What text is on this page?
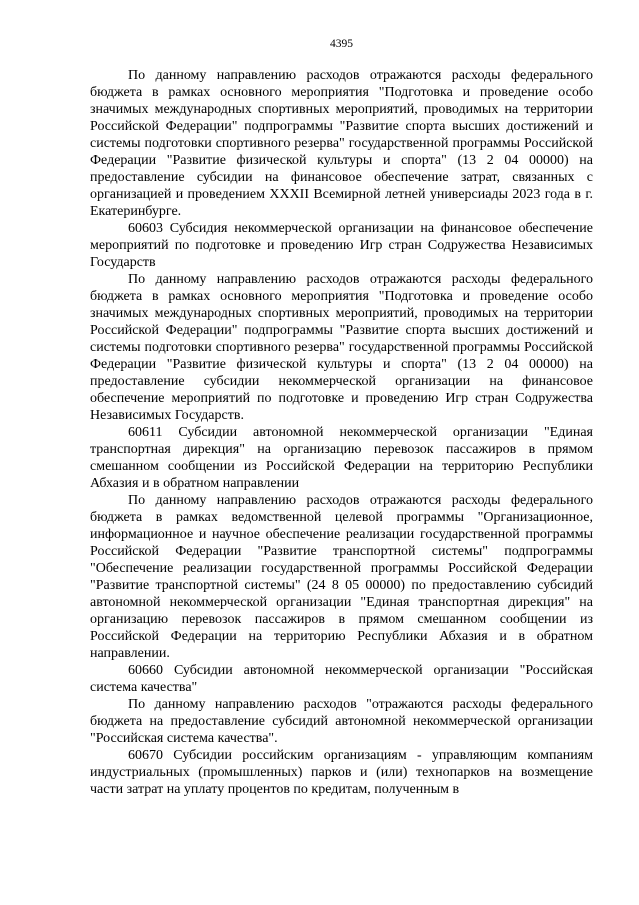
4395

По данному направлению расходов отражаются расходы федерального бюджета в рамках основного мероприятия "Подготовка и проведение особо значимых международных спортивных мероприятий, проводимых на территории Российской Федерации" подпрограммы "Развитие спорта высших достижений и системы подготовки спортивного резерва" государственной программы Российской Федерации "Развитие физической культуры и спорта" (13 2 04 00000) на предоставление субсидии на финансовое обеспечение затрат, связанных с организацией и проведением XXXII Всемирной летней универсиады 2023 года в г. Екатеринбурге.

60603 Субсидия некоммерческой организации на финансовое обеспечение мероприятий по подготовке и проведению Игр стран Содружества Независимых Государств

По данному направлению расходов отражаются расходы федерального бюджета в рамках основного мероприятия "Подготовка и проведение особо значимых международных спортивных мероприятий, проводимых на территории Российской Федерации" подпрограммы "Развитие спорта высших достижений и системы подготовки спортивного резерва" государственной программы Российской Федерации "Развитие физической культуры и спорта" (13 2 04 00000) на предоставление субсидии некоммерческой организации на финансовое обеспечение мероприятий по подготовке и проведению Игр стран Содружества Независимых Государств.

60611 Субсидии автономной некоммерческой организации "Единая транспортная дирекция" на организацию перевозок пассажиров в прямом смешанном сообщении из Российской Федерации на территорию Республики Абхазия и в обратном направлении

По данному направлению расходов отражаются расходы федерального бюджета в рамках ведомственной целевой программы "Организационное, информационное и научное обеспечение реализации государственной программы Российской Федерации "Развитие транспортной системы" подпрограммы "Обеспечение реализации государственной программы Российской Федерации "Развитие транспортной системы" (24 8 05 00000) по предоставлению субсидий автономной некоммерческой организации "Единая транспортная дирекция" на организацию перевозок пассажиров в прямом смешанном сообщении из Российской Федерации на территорию Республики Абхазия и в обратном направлении.

60660 Субсидии автономной некоммерческой организации "Российская система качества"

По данному направлению расходов "отражаются расходы федерального бюджета на предоставление субсидий автономной некоммерческой организации "Российская система качества".

60670 Субсидии российским организациям - управляющим компаниям индустриальных (промышленных) парков и (или) технопарков на возмещение части затрат на уплату процентов по кредитам, полученным в
